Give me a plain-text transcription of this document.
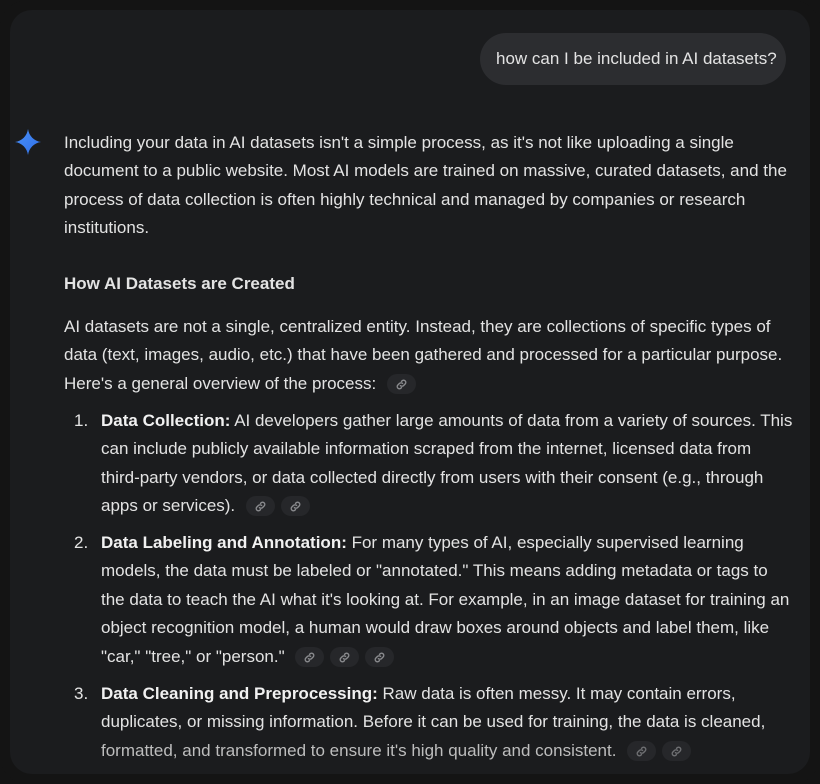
how can I be included in AI datasets?
Including your data in AI datasets isn't a simple process, as it's not like uploading a single
document to a public website. Most AI models are trained on massive, curated datasets, and the
process of data collection is often highly technical and managed by companies or research
institutions.
How AI Datasets are Created
AI datasets are not a single, centralized entity. Instead, they are collections of specific types of
data (text, images, audio, etc.) that have been gathered and processed for a particular purpose.
Here's a general overview of the process:
1. Data Collection: AI developers gather large amounts of data from a variety of sources. This
can include publicly available information scraped from the internet, licensed data from
third-party vendors, or data collected directly from users with their consent (e.g., through
apps or services).
2. Data Labeling and Annotation: For many types of AI, especially supervised learning
models, the data must be labeled or "annotated." This means adding metadata or tags to
the data to teach the AI what it's looking at. For example, in an image dataset for training an
object recognition model, a human would draw boxes around objects and label them, like
"car," "tree," or "person."
3. Data Cleaning and Preprocessing: Raw data is often messy. It may contain errors,
duplicates, or missing information. Before it can be used for training, the data is cleaned,
formatted, and transformed to ensure it's high quality and consistent.
